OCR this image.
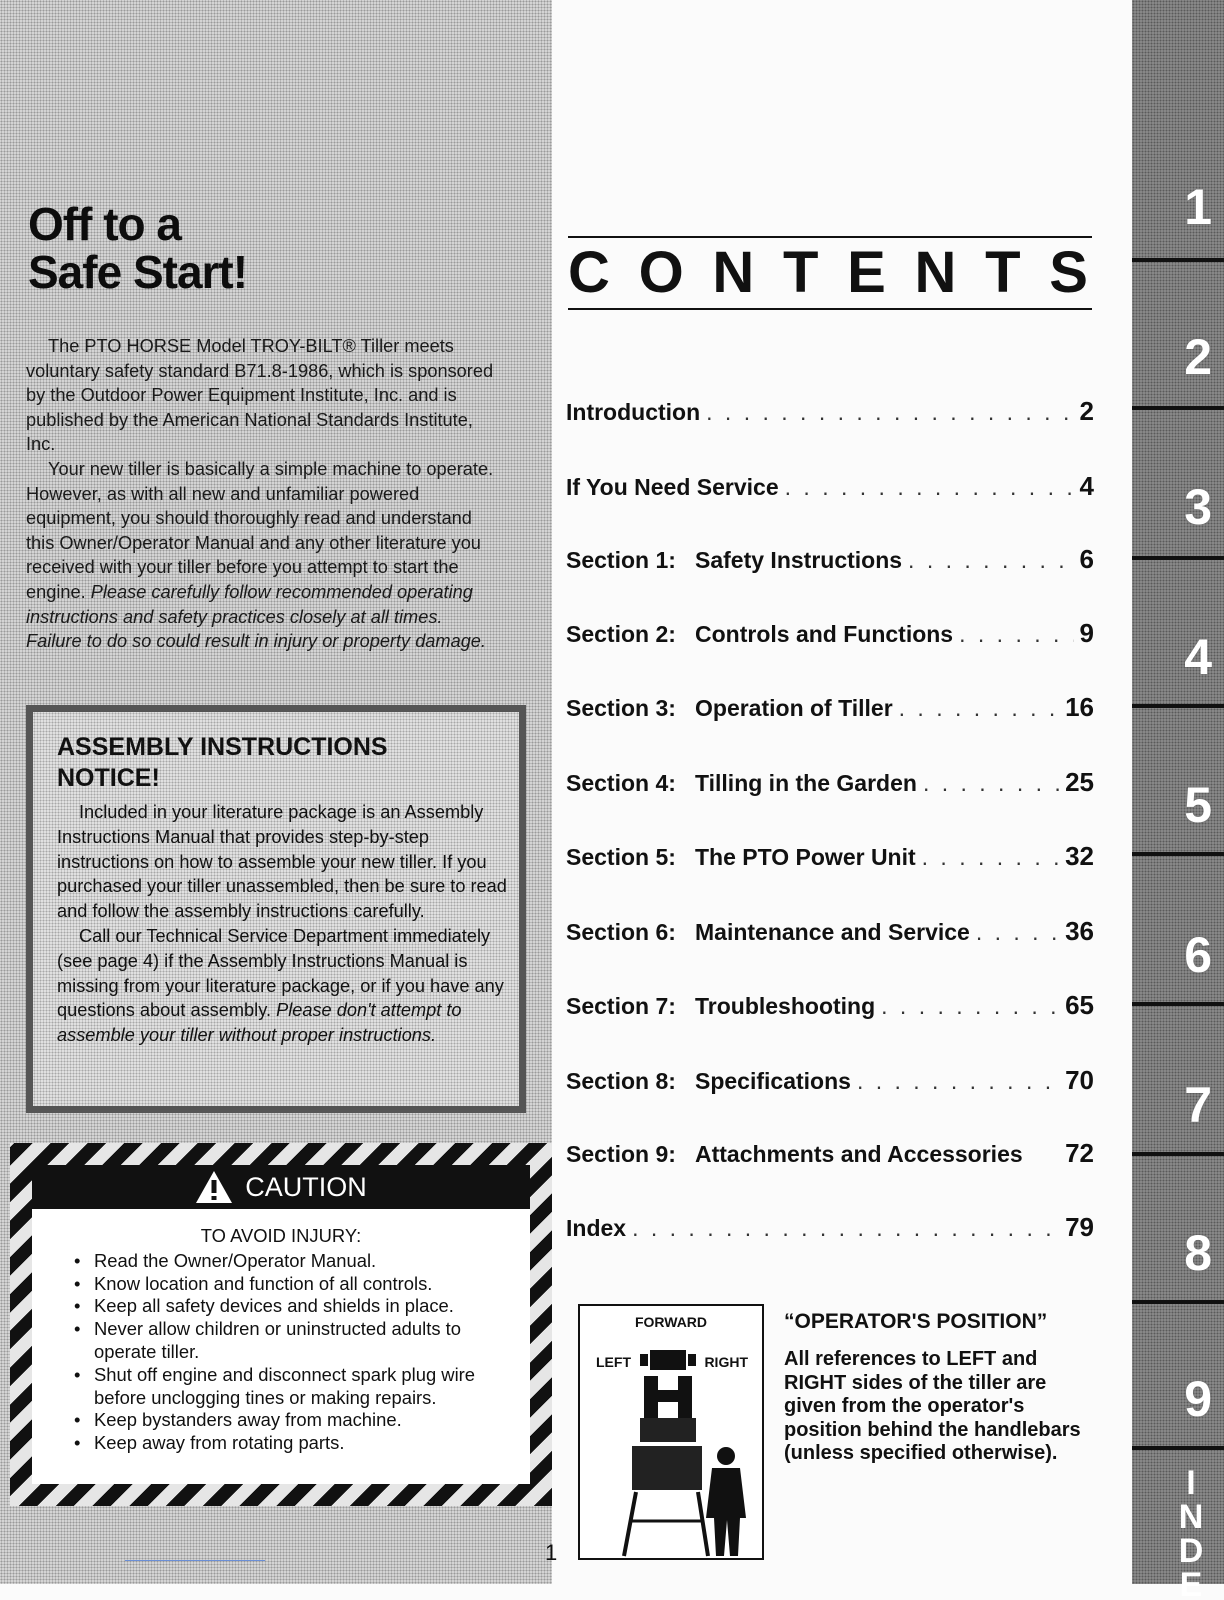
Off to a
Safe Start!

The PTO HORSE Model TROY-BILT® Tiller meets voluntary safety standard B71.8-1986, which is sponsored by the Outdoor Power Equipment Institute, Inc. and is published by the American National Standards Institute, Inc.

Your new tiller is basically a simple machine to operate. However, as with all new and unfamiliar powered equipment, you should thoroughly read and understand this Owner/Operator Manual and any other literature you received with your tiller before you attempt to start the engine. Please carefully follow recommended operating instructions and safety practices closely at all times. Failure to do so could result in injury or property damage.

ASSEMBLY INSTRUCTIONS
NOTICE!

Included in your literature package is an Assembly Instructions Manual that provides step-by-step instructions on how to assemble your new tiller. If you purchased your tiller unassembled, then be sure to read and follow the assembly instructions carefully.

Call our Technical Service Department immediately (see page 4) if the Assembly Instructions Manual is missing from your literature package, or if you have any questions about assembly. Please don't attempt to assemble your tiller without proper instructions.

CAUTION

TO AVOID INJURY:

• Read the Owner/Operator Manual.
• Know location and function of all controls.
• Keep all safety devices and shields in place.
• Never allow children or uninstructed adults to operate tiller.
• Shut off engine and disconnect spark plug wire before unclogging tines or making repairs.
• Keep bystanders away from machine.
• Keep away from rotating parts.
C O N T E N T S
Introduction . . .	2
If You Need Service . . .	4
Section 1: Safety Instructions . . .	6
Section 2: Controls and Functions . . .	9
Section 3: Operation of Tiller . . .	16
Section 4: Tilling in the Garden . . .	25
Section 5: The PTO Power Unit . . .	32
Section 6: Maintenance and Service . . .	36
Section 7: Troubleshooting . . .	65
Section 8: Specifications . . .	70
Section 9: Attachments and Accessories 72
Index . . .	79
FORWARD
LEFT	RIGHT
“OPERATOR'S POSITION”
All references to LEFT and RIGHT sides of the tiller are given from the operator's position behind the handlebars (unless specified otherwise).
1
1
2
3
4
5
6
7
8
9
INDE
